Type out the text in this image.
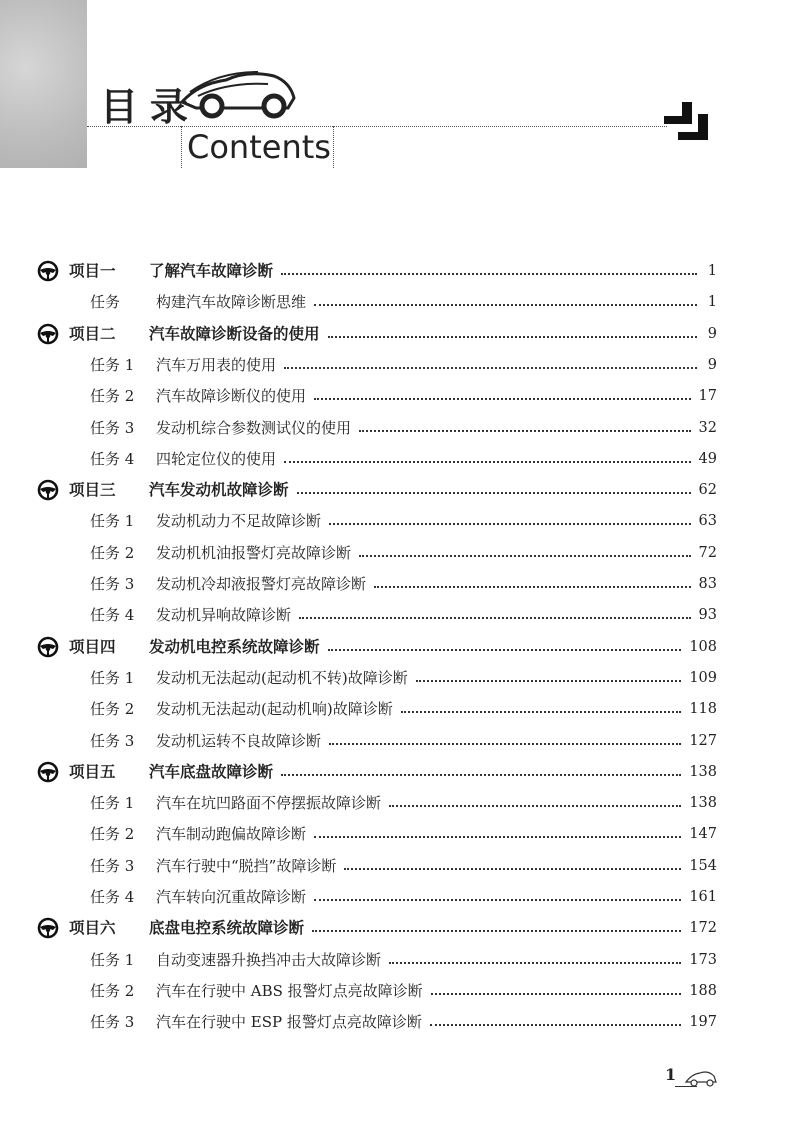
目录
Contents
项目一	了解汽车故障诊断	1
任务	构建汽车故障诊断思维	1
项目二	汽车故障诊断设备的使用	9
任务 1	汽车万用表的使用	9
任务 2	汽车故障诊断仪的使用	17
任务 3	发动机综合参数测试仪的使用	32
任务 4	四轮定位仪的使用	49
项目三	汽车发动机故障诊断	62
任务 1	发动机动力不足故障诊断	63
任务 2	发动机机油报警灯亮故障诊断	72
任务 3	发动机冷却液报警灯亮故障诊断	83
任务 4	发动机异响故障诊断	93
项目四	发动机电控系统故障诊断	108
任务 1	发动机无法起动(起动机不转)故障诊断	109
任务 2	发动机无法起动(起动机响)故障诊断	118
任务 3	发动机运转不良故障诊断	127
项目五	汽车底盘故障诊断	138
任务 1	汽车在坑凹路面不停摆振故障诊断	138
任务 2	汽车制动跑偏故障诊断	147
任务 3	汽车行驶中“脱挡”故障诊断	154
任务 4	汽车转向沉重故障诊断	161
项目六	底盘电控系统故障诊断	172
任务 1	自动变速器升换挡冲击大故障诊断	173
任务 2	汽车在行驶中 ABS 报警灯点亮故障诊断	188
任务 3	汽车在行驶中 ESP 报警灯点亮故障诊断	197
1
